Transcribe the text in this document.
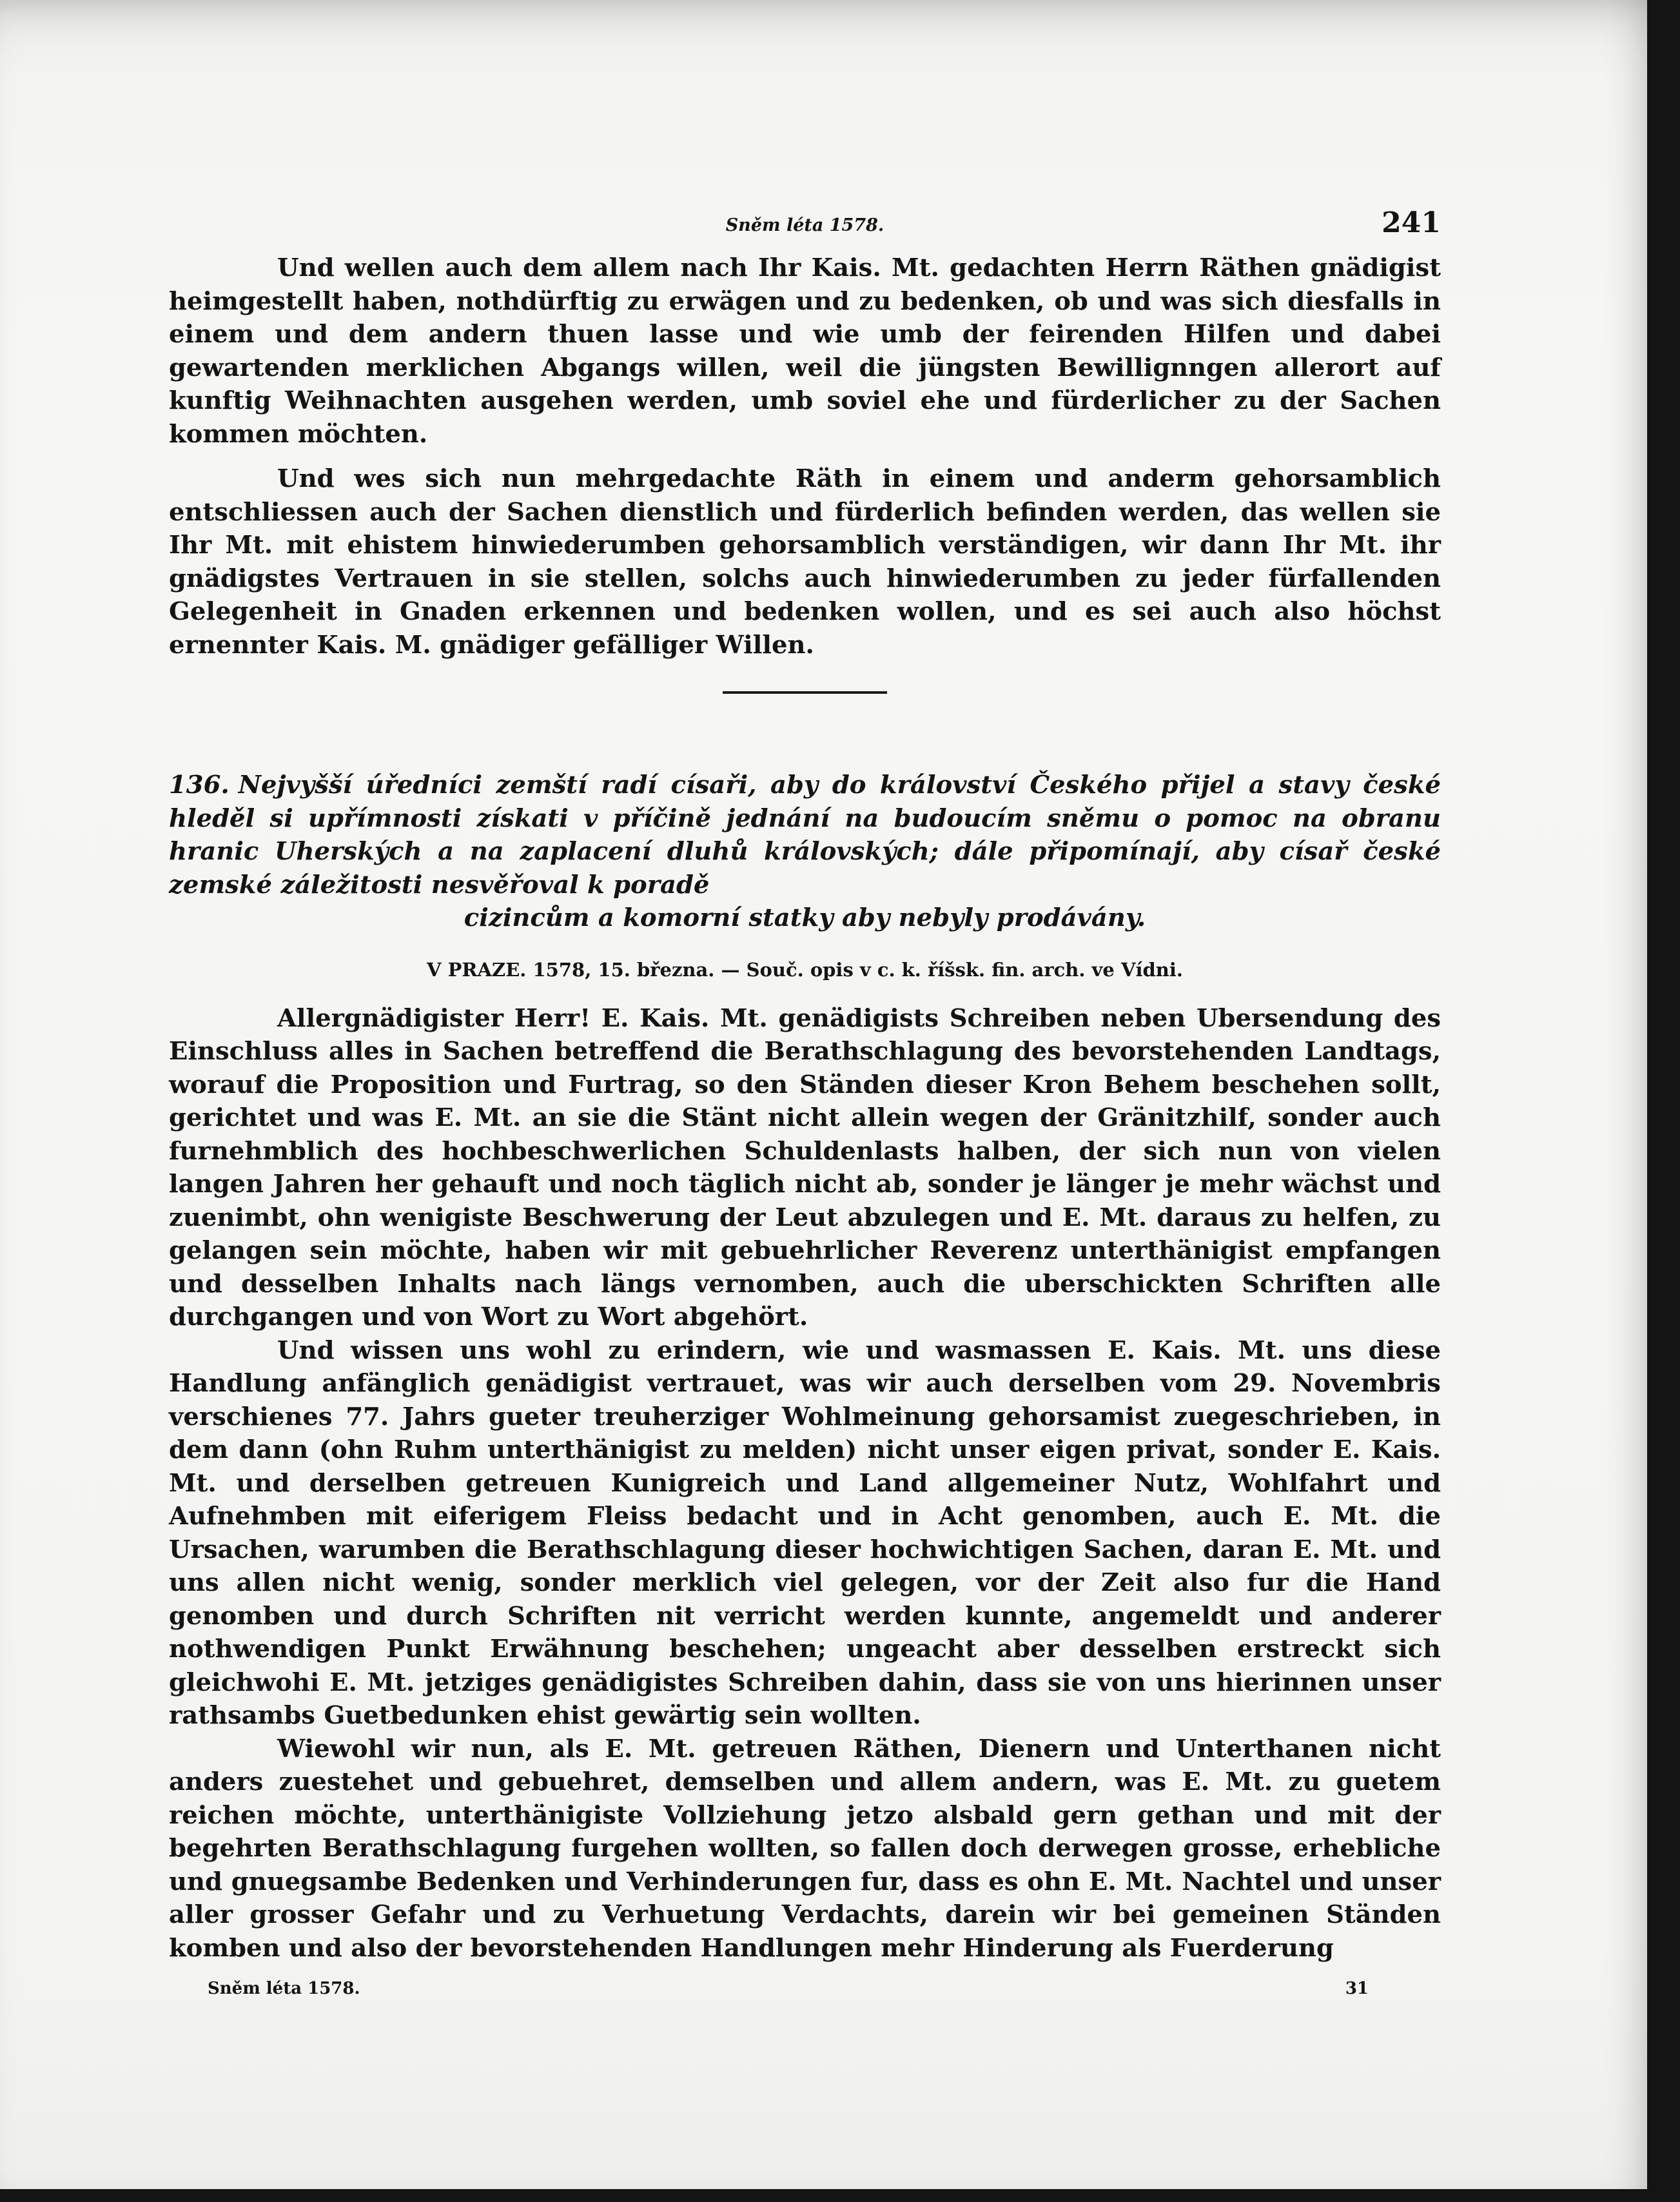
Sněm léta 1578.	241

Und wellen auch dem allem nach Ihr Kais. Mt. gedachten Herrn Räthen gnädigist heimgestellt haben, nothdürftig zu erwägen und zu bedenken, ob und was sich diesfalls in einem und dem andern thuen lasse und wie umb der feirenden Hilfen und dabei gewartenden merklichen Abgangs willen, weil die jüngsten Bewillignngen allerort auf kunftig Weihnachten ausgehen werden, umb soviel ehe und fürderlicher zu der Sachen kommen möchten.

Und wes sich nun mehrgedachte Räth in einem und anderm gehorsamblich entschliessen auch der Sachen dienstlich und fürderlich befinden werden, das wellen sie Ihr Mt. mit ehistem hinwiederumben gehorsamblich verständigen, wir dann Ihr Mt. ihr gnädigstes Vertrauen in sie stellen, solchs auch hinwiederumben zu jeder fürfallenden Gelegenheit in Gnaden erkennen und bedenken wollen, und es sei auch also höchst ernennter Kais. M. gnädiger gefälliger Willen.

136. Nejvyšší úředníci zemští radí císaři, aby do království Českého přijel a stavy české hleděl si upřímnosti získati v příčině jednání na budoucím sněmu o pomoc na obranu hranic Uherských a na zaplacení dluhů královských; dále připomínají, aby císař české zemské záležitosti nesvěřoval k poradě
cizincům a komorní statky aby nebyly prodávány.
V PRAZE. 1578, 15. března. — Souč. opis v c. k. říšsk. fin. arch. ve Vídni.

Allergnädigister Herr! E. Kais. Mt. genädigists Schreiben neben Ubersendung des Einschluss alles in Sachen betreffend die Berathschlagung des bevorstehenden Landtags, worauf die Proposition und Furtrag, so den Ständen dieser Kron Behem beschehen sollt, gerichtet und was E. Mt. an sie die Stänt nicht allein wegen der Gränitzhilf, sonder auch furnehmblich des hochbeschwerlichen Schuldenlasts halben, der sich nun von vielen langen Jahren her gehauft und noch täglich nicht ab, sonder je länger je mehr wächst und zuenimbt, ohn wenigiste Beschwerung der Leut abzulegen und E. Mt. daraus zu helfen, zu gelangen sein möchte, haben wir mit gebuehrlicher Reverenz unterthänigist empfangen und desselben Inhalts nach längs vernomben, auch die uberschickten Schriften alle durchgangen und von Wort zu Wort abgehört.

Und wissen uns wohl zu erindern, wie und wasmassen E. Kais. Mt. uns diese Handlung anfänglich genädigist vertrauet, was wir auch derselben vom 29. Novembris verschienes 77. Jahrs gueter treuherziger Wohlmeinung gehorsamist zuegeschrieben, in dem dann (ohn Ruhm unterthänigist zu melden) nicht unser eigen privat, sonder E. Kais. Mt. und derselben getreuen Kunigreich und Land allgemeiner Nutz, Wohlfahrt und Aufnehmben mit eiferigem Fleiss bedacht und in Acht genomben, auch E. Mt. die Ursachen, warumben die Berathschlagung dieser hochwichtigen Sachen, daran E. Mt. und uns allen nicht wenig, sonder merklich viel gelegen, vor der Zeit also fur die Hand genomben und durch Schriften nit verricht werden kunnte, angemeldt und anderer nothwendigen Punkt Erwähnung beschehen; ungeacht aber desselben erstreckt sich gleichwohi E. Mt. jetziges genädigistes Schreiben dahin, dass sie von uns hierinnen unser rathsambs Guetbedunken ehist gewärtig sein wollten.

Wiewohl wir nun, als E. Mt. getreuen Räthen, Dienern und Unterthanen nicht anders zuestehet und gebuehret, demselben und allem andern, was E. Mt. zu guetem reichen möchte, unterthänigiste Vollziehung jetzo alsbald gern gethan und mit der begehrten Berathschlagung furgehen wollten, so fallen doch derwegen grosse, erhebliche und gnuegsambe Bedenken und Verhinderungen fur, dass es ohn E. Mt. Nachtel und unser aller grosser Gefahr und zu Verhuetung Verdachts, darein wir bei gemeinen Ständen komben und also der bevorstehenden Handlungen mehr Hinderung als Fuerderung

Sněm léta 1578.	31
